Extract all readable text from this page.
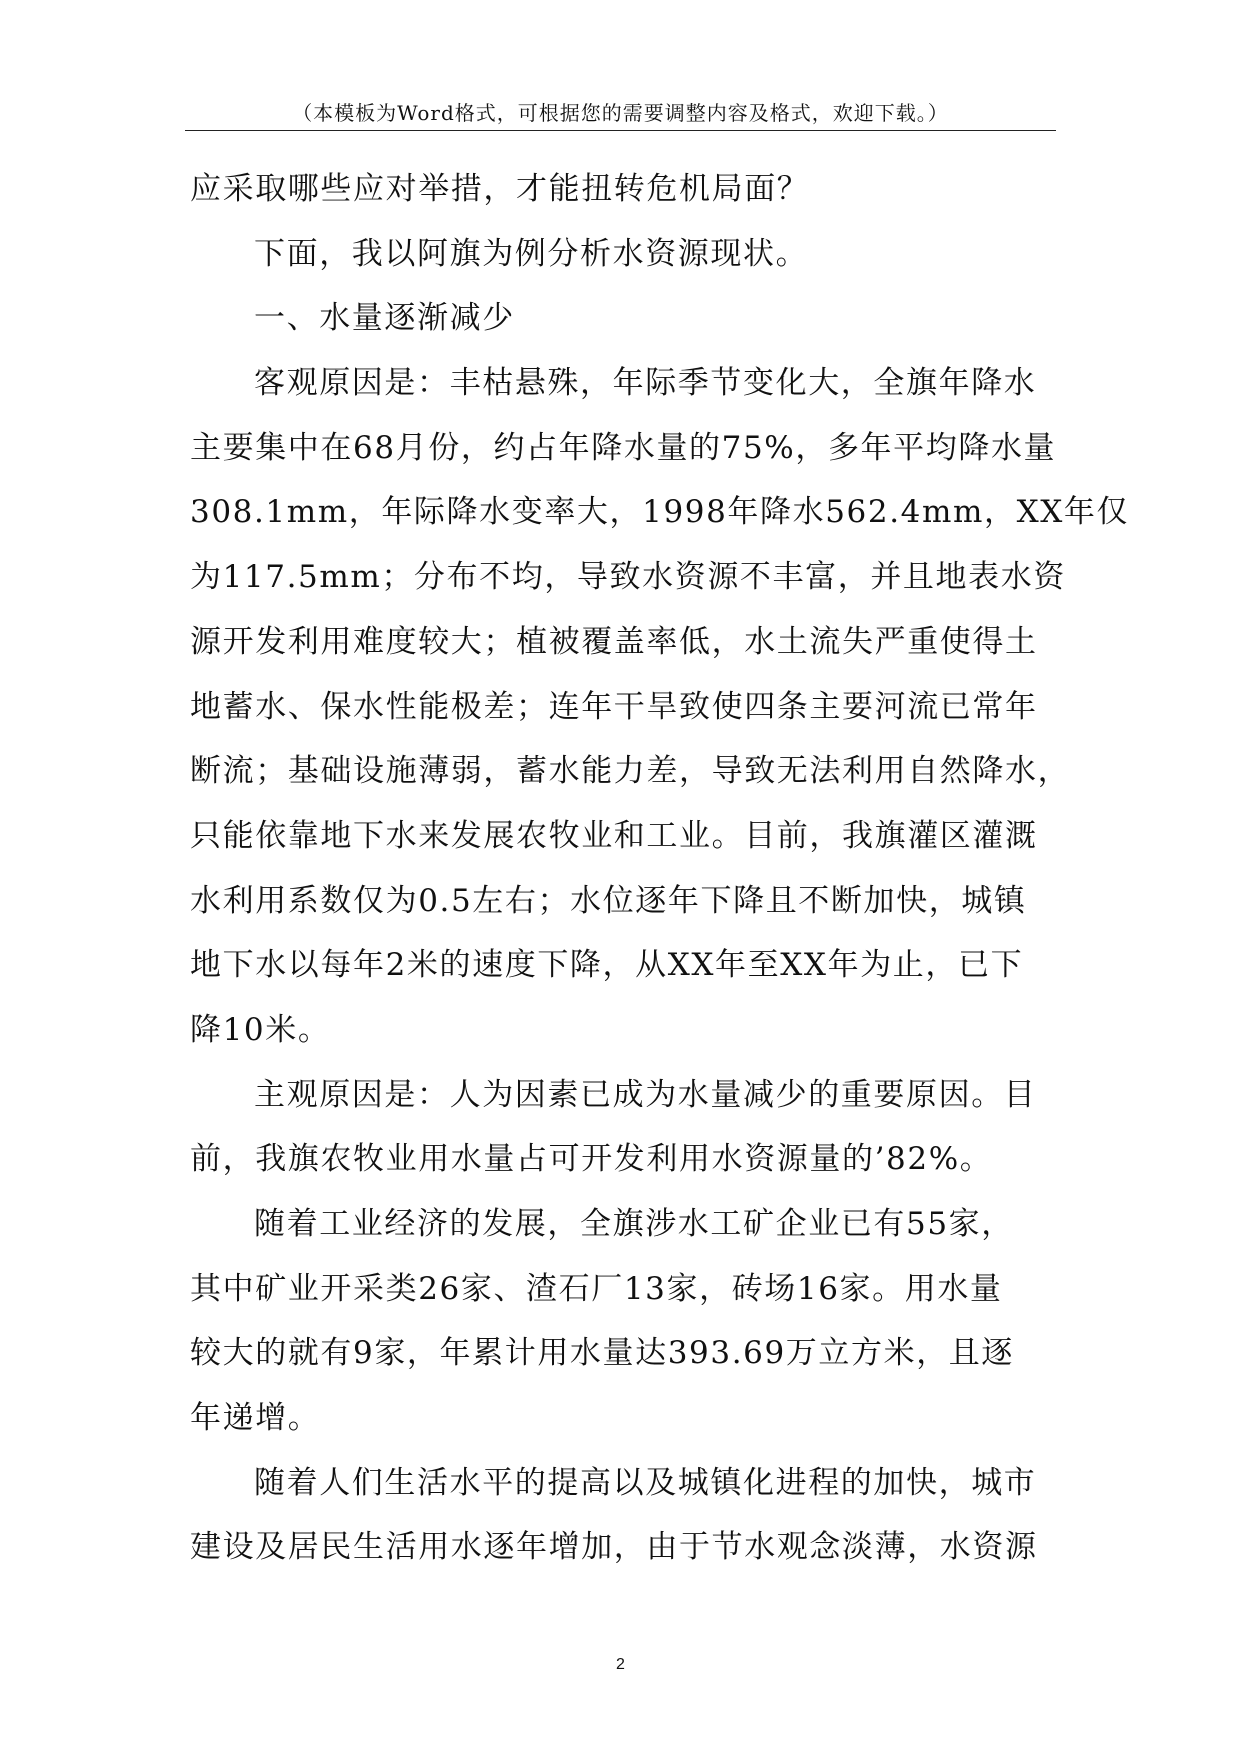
（本模板为Word格式，可根据您的需要调整内容及格式，欢迎下载。）
应采取哪些应对举措，才能扭转危机局面？
下面，我以阿旗为例分析水资源现状。
一、水量逐渐减少
客观原因是：丰枯悬殊，年际季节变化大，全旗年降水
主要集中在68月份，约占年降水量的75%，多年平均降水量
308.1mm，年际降水变率大，1998年降水562.4mm，XX年仅
为117.5mm；分布不均，导致水资源不丰富，并且地表水资
源开发利用难度较大；植被覆盖率低，水土流失严重使得土
地蓄水、保水性能极差；连年干旱致使四条主要河流已常年
断流；基础设施薄弱，蓄水能力差，导致无法利用自然降水，
只能依靠地下水来发展农牧业和工业。目前，我旗灌区灌溉
水利用系数仅为0.5左右；水位逐年下降且不断加快，城镇
地下水以每年2米的速度下降，从XX年至XX年为止，已下
降10米。
主观原因是：人为因素已成为水量减少的重要原因。目
前，我旗农牧业用水量占可开发利用水资源量的’82%。
随着工业经济的发展，全旗涉水工矿企业已有55家，
其中矿业开采类26家、渣石厂13家，砖场16家。用水量
较大的就有9家，年累计用水量达393.69万立方米，且逐
年递增。
随着人们生活水平的提高以及城镇化进程的加快，城市
建设及居民生活用水逐年增加，由于节水观念淡薄，水资源
2
